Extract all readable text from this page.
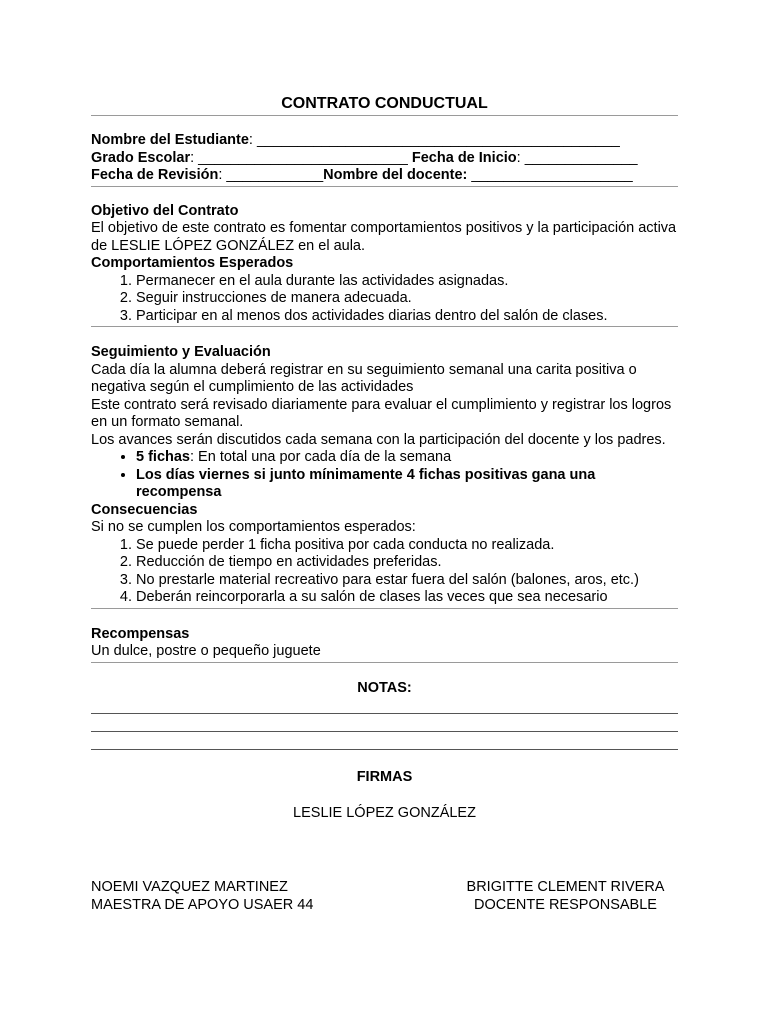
CONTRATO CONDUCTUAL

Nombre del Estudiante: _____________________________________________

Grado Escolar: __________________________ Fecha de Inicio: ______________

Fecha de Revisión: ____________Nombre del docente: ____________________

Objetivo del Contrato

El objetivo de este contrato es fomentar comportamientos positivos y la participación activa de LESLIE LÓPEZ GONZÁLEZ en el aula.

Comportamientos Esperados

1. Permanecer en el aula durante las actividades asignadas.
2. Seguir instrucciones de manera adecuada.
3. Participar en al menos dos actividades diarias dentro del salón de clases.

Seguimiento y Evaluación

Cada día la alumna deberá registrar en su seguimiento semanal una carita positiva o negativa según el cumplimiento de las actividades

Este contrato será revisado diariamente para evaluar el cumplimiento y registrar los logros en un formato semanal.

Los avances serán discutidos cada semana con la participación del docente y los padres.

• 5 fichas: En total una por cada día de la semana
• Los días viernes si junto mínimamente 4 fichas positivas gana una recompensa

Consecuencias

Si no se cumplen los comportamientos esperados:

1. Se puede perder 1 ficha positiva por cada conducta no realizada.
2. Reducción de tiempo en actividades preferidas.
3. No prestarle material recreativo para estar fuera del salón (balones, aros, etc.)
4. Deberán reincorporarla a su salón de clases las veces que sea necesario

Recompensas

Un dulce, postre o pequeño juguete

NOTAS:

FIRMAS

LESLIE LÓPEZ GONZÁLEZ

NOEMI VAZQUEZ MARTINEZ

MAESTRA DE APOYO USAER 44

BRIGITTE CLEMENT RIVERA

DOCENTE RESPONSABLE
